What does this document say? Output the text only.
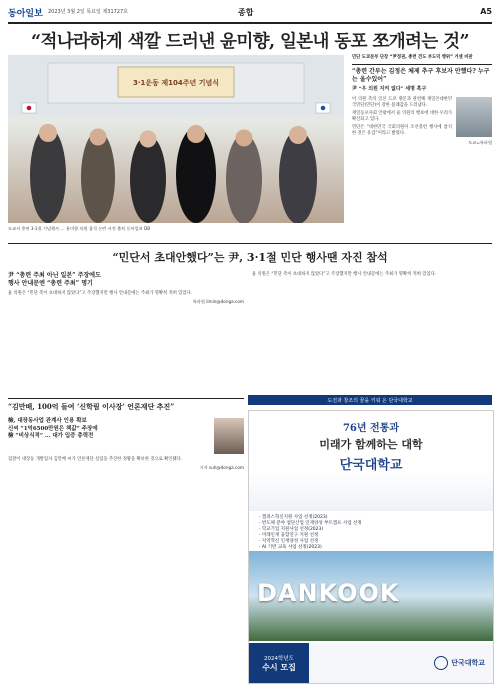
동아일보 2023년 3월 2일 목요일 제31727호	종합	A5
“적나라하게 색깔 드러낸 윤미향, 일본내 동포 쪼개려는 것”
3·1운동 제104주년 기념식
도쿄서 총련 3·1절 기념행사 … 윤미향 의원 참석 논란 사진 출처 동아일보 DB
민단 도쿄본부 단장 “尹정권, 총련 견도 부도덕 행위” 거센 비판
“총련 간부는 김정은 체제 추구 후보자 안했다? 누구는 올수있어”
尹 “우 의원 지켜 없다” 세명 혹구

이 의원 측의 일본 도쿄 방문과 관련해 재일본대한민국민단(민단)이 강한 불쾌감을 드러냈다.

재일동포사회 안팎에서 윤 의원의 행보에 대한 우려가 확산되고 있다.

민단은 “대한민국 국회의원이 조선총련 행사에 참석한 것은 유감”이라고 밝혔다.

도쿄=특파원
“민단서 초대안했다”는 尹, 3·1절 민단 행사땐 자진 참석
尹 “총련 주최 아닌 일본” 주장에도
행사 안내문엔 “총련 주최” 명기

윤 의원은 “민단 측이 초대하지 않았다”고 주장했지만 행사 안내문에는 주최가 명확히 적혀 있었다.

특파원 ilmin@donga.com

윤 의원은 “민단 측이 초대하지 않았다”고 주장했지만 행사 안내문에는 주최가 명확히 적혀 있었다.

“김만배, 100억 들여 ‘신학림 이사장’ 언론재단 추진”
檢, 대장동사업 관계사 인용 확보
신씨 “1억6500만원은 책값” 주장에
檢 “비상식적” … 대가 입증 총력전

검찰이 대장동 개발업자 김만배 씨가 언론재단 설립을 추진한 정황을 확보한 것으로 확인됐다.

기자 suh@donga.com
도전과 창조의 꿈을 키워 온 단국대학교
76년 전통과
미래가 함께하는 대학
단국대학교
· 캠퍼스혁신지원 사업 선정(2023)
· 반도체 분야 첨단산업 인재양성 부트캠프 사업 선정
· 학교기업 지원사업 선정(2023)
· 미래인재 융합연구 지원 선정
· 지역혁신 인재양성 사업 선정
· AI 기반 교육 사업 선정(2023)
DANKOOK
2024학년도
수시 모집	단국대학교
